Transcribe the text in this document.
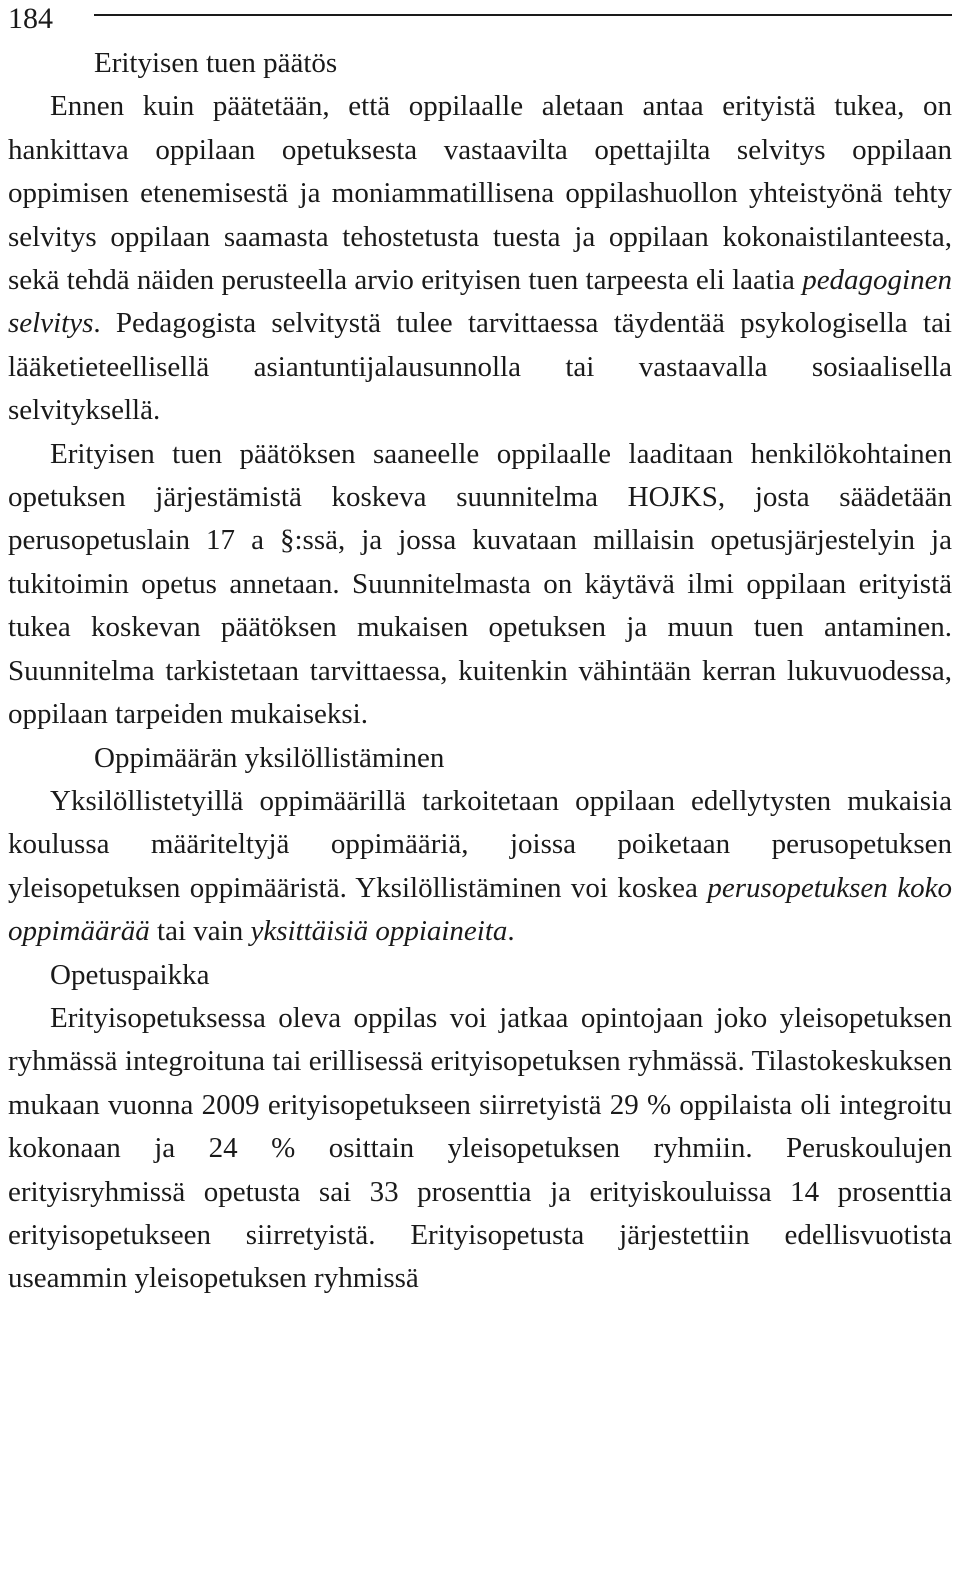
184

Erityisen tuen päätös

Ennen kuin päätetään, että oppilaalle aletaan antaa erityistä tukea, on hankittava oppilaan opetuksesta vastaavilta opettajilta selvitys oppilaan oppimisen etenemisestä ja moniammatillisena oppilashuollon yhteistyönä tehty selvitys oppilaan saamasta tehostetusta tuesta ja oppilaan kokonaistilanteesta, sekä tehdä näiden perusteella arvio erityisen tuen tarpeesta eli laatia pedagoginen selvitys. Pedagogista selvitystä tulee tarvittaessa täydentää psykologisella tai lääketieteellisellä asiantuntijalausunnolla tai vastaavalla sosiaalisella selvityksellä.

Erityisen tuen päätöksen saaneelle oppilaalle laaditaan henkilökohtainen opetuksen järjestämistä koskeva suunnitelma HOJKS, josta säädetään perusopetuslain 17 a §:ssä, ja jossa kuvataan millaisin opetusjärjestelyin ja tukitoimin opetus annetaan. Suunnitelmasta on käytävä ilmi oppilaan erityistä tukea koskevan päätöksen mukaisen opetuksen ja muun tuen antaminen. Suunnitelma tarkistetaan tarvittaessa, kuitenkin vähintään kerran lukuvuodessa, oppilaan tarpeiden mukaiseksi.

Oppimäärän yksilöllistäminen

Yksilöllistetyillä oppimäärillä tarkoitetaan oppilaan edellytysten mukaisia koulussa määriteltyjä oppimääriä, joissa poiketaan perusopetuksen yleisopetuksen oppimääristä. Yksilöllistäminen voi koskea perusopetuksen koko oppimäärää tai vain yksittäisiä oppiaineita.

Opetuspaikka

Erityisopetuksessa oleva oppilas voi jatkaa opintojaan joko yleisopetuksen ryhmässä integroituna tai erillisessä erityisopetuksen ryhmässä. Tilastokeskuksen mukaan vuonna 2009 erityisopetukseen siirretyistä 29 % oppilaista oli integroitu kokonaan ja 24 % osittain yleisopetuksen ryhmiin. Peruskoulujen erityisryhmissä opetusta sai 33 prosenttia ja erityiskouluissa 14 prosenttia erityisopetukseen siirretyistä. Erityisopetusta järjestettiin edellisvuotista useammin yleisopetuksen ryhmissä
